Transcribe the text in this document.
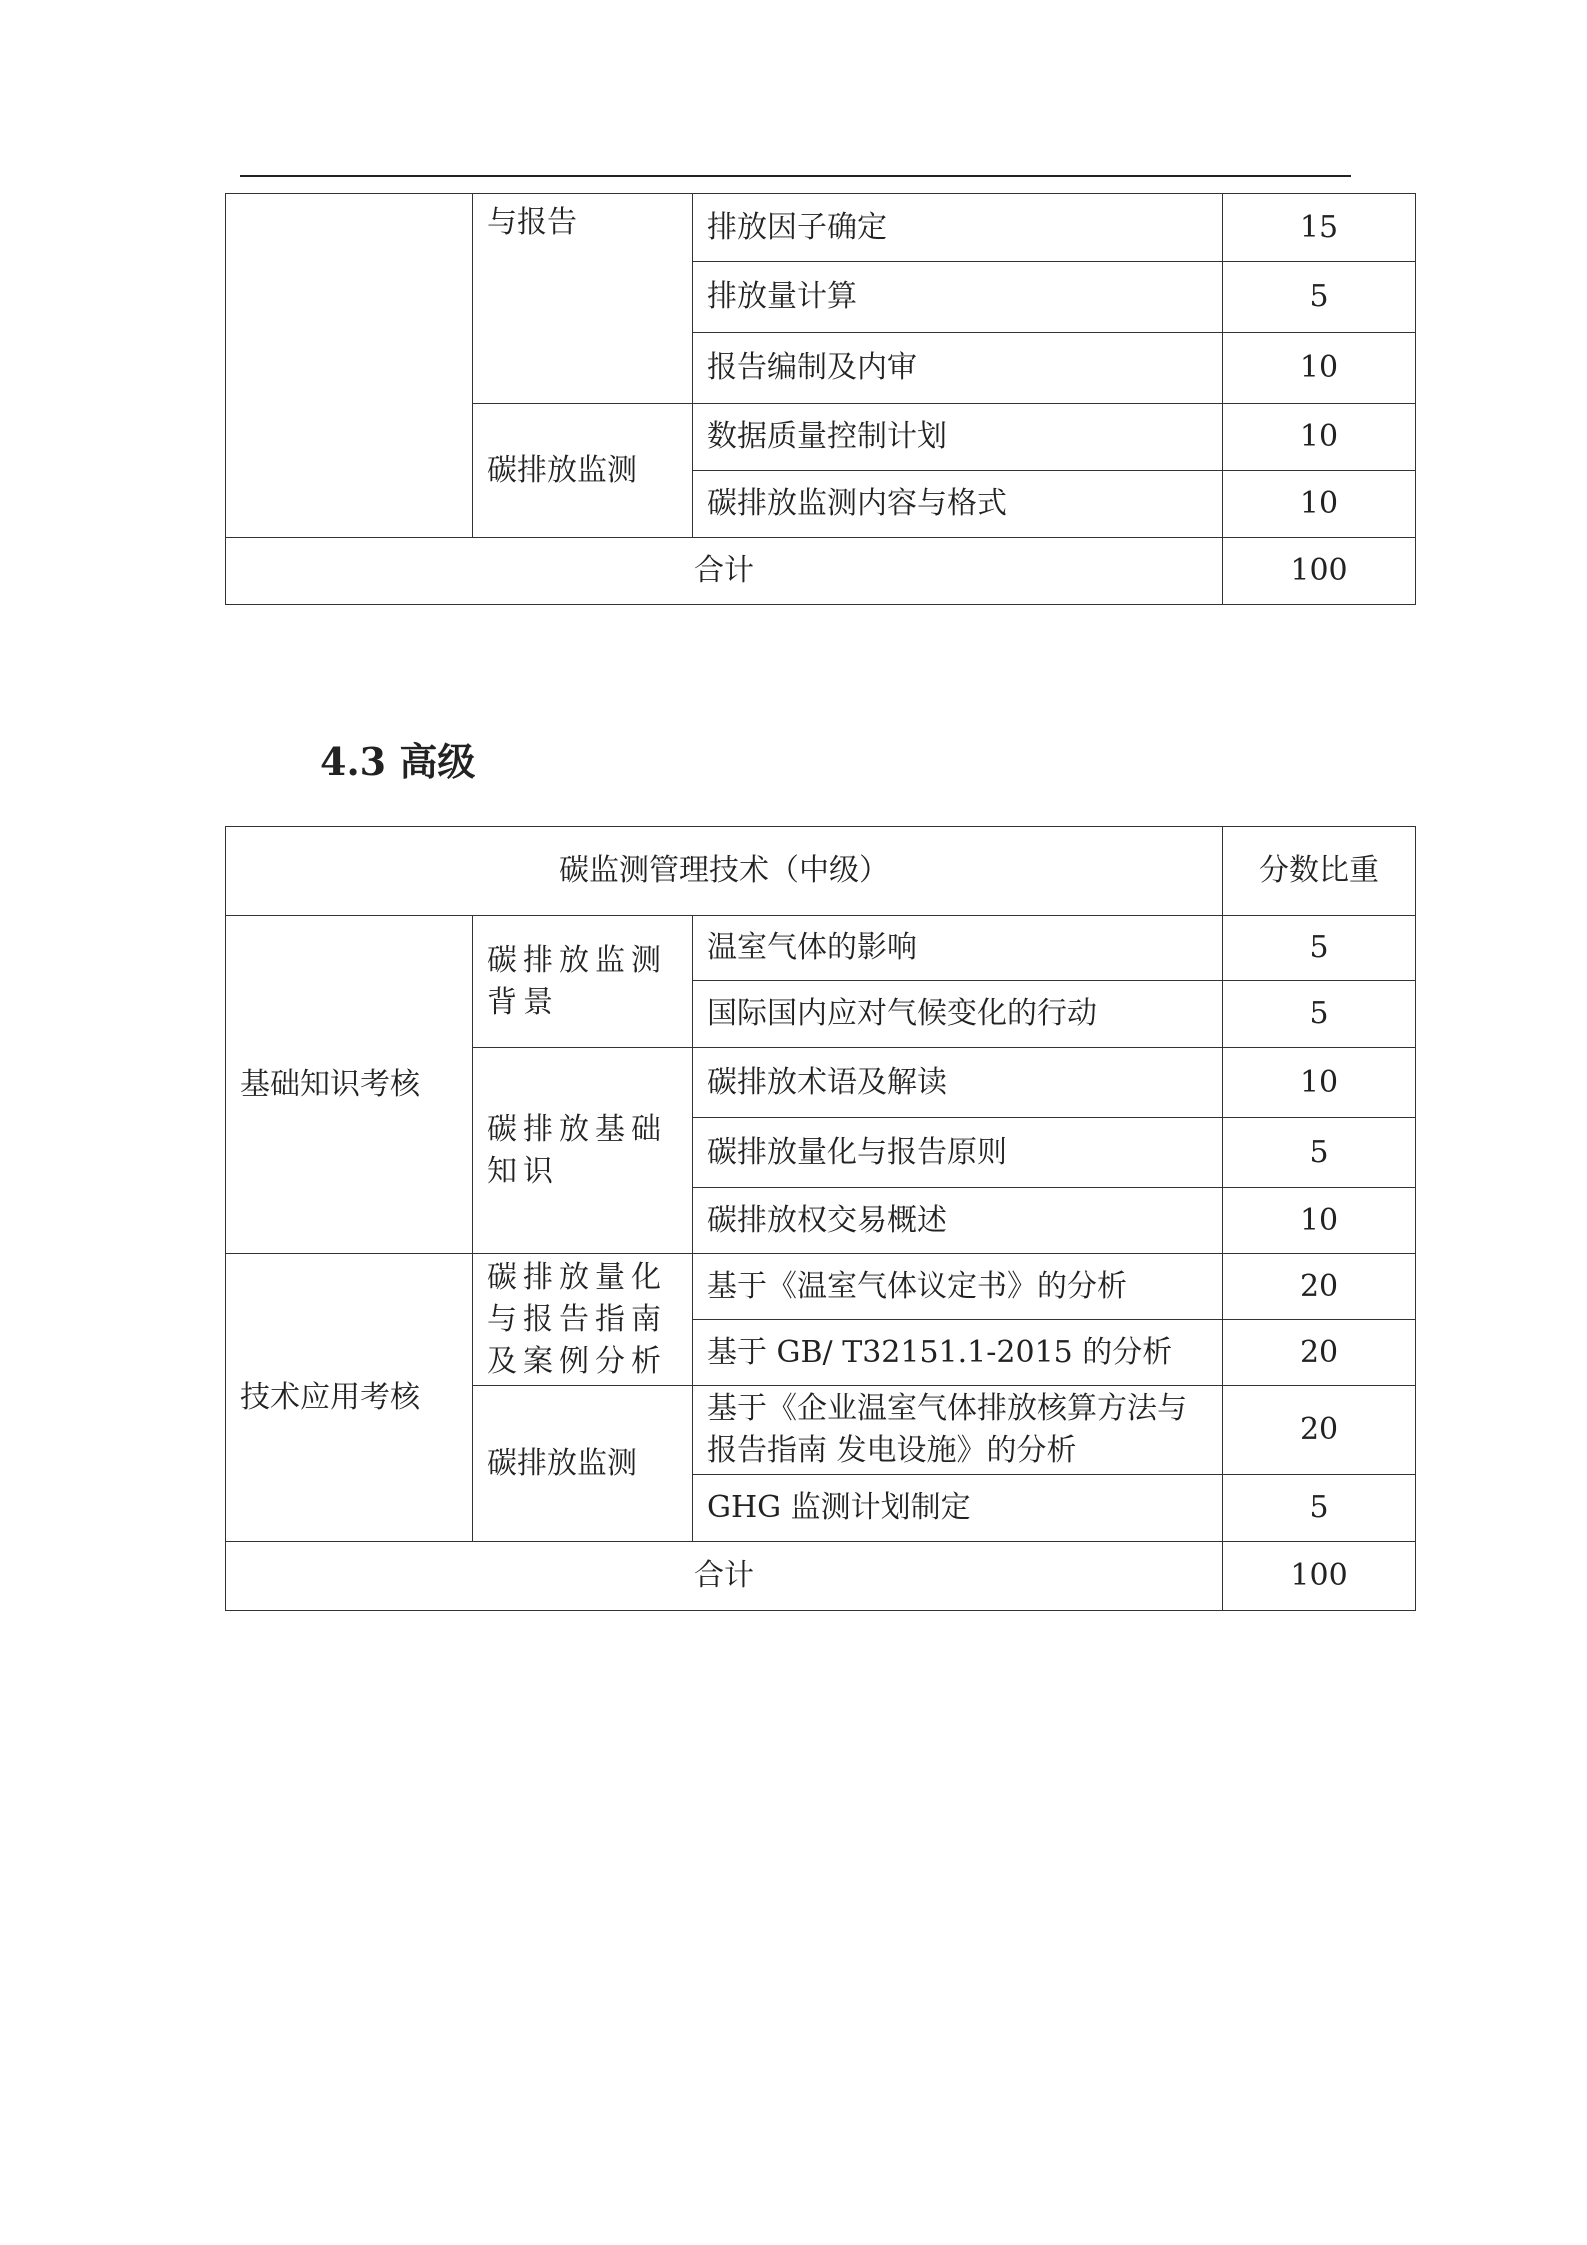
	与报告	排放因子确定	15
		排放量计算	5
		报告编制及内审	10
	碳排放监测	数据质量控制计划	10
		碳排放监测内容与格式	10
合计			100
4.3 高级
碳监测管理技术（中级）			分数比重
基础知识考核	碳排放监测背景	温室气体的影响	5
		国际国内应对气候变化的行动	5
	碳排放基础知识	碳排放术语及解读	10
		碳排放量化与报告原则	5
		碳排放权交易概述	10
技术应用考核	碳排放量化与报告指南及案例分析	基于《温室气体议定书》的分析	20
		基于 GB/ T32151.1-2015 的分析	20
	碳排放监测	基于《企业温室气体排放核算方法与报告指南 发电设施》的分析	20
		GHG 监测计划制定	5
合计			100
